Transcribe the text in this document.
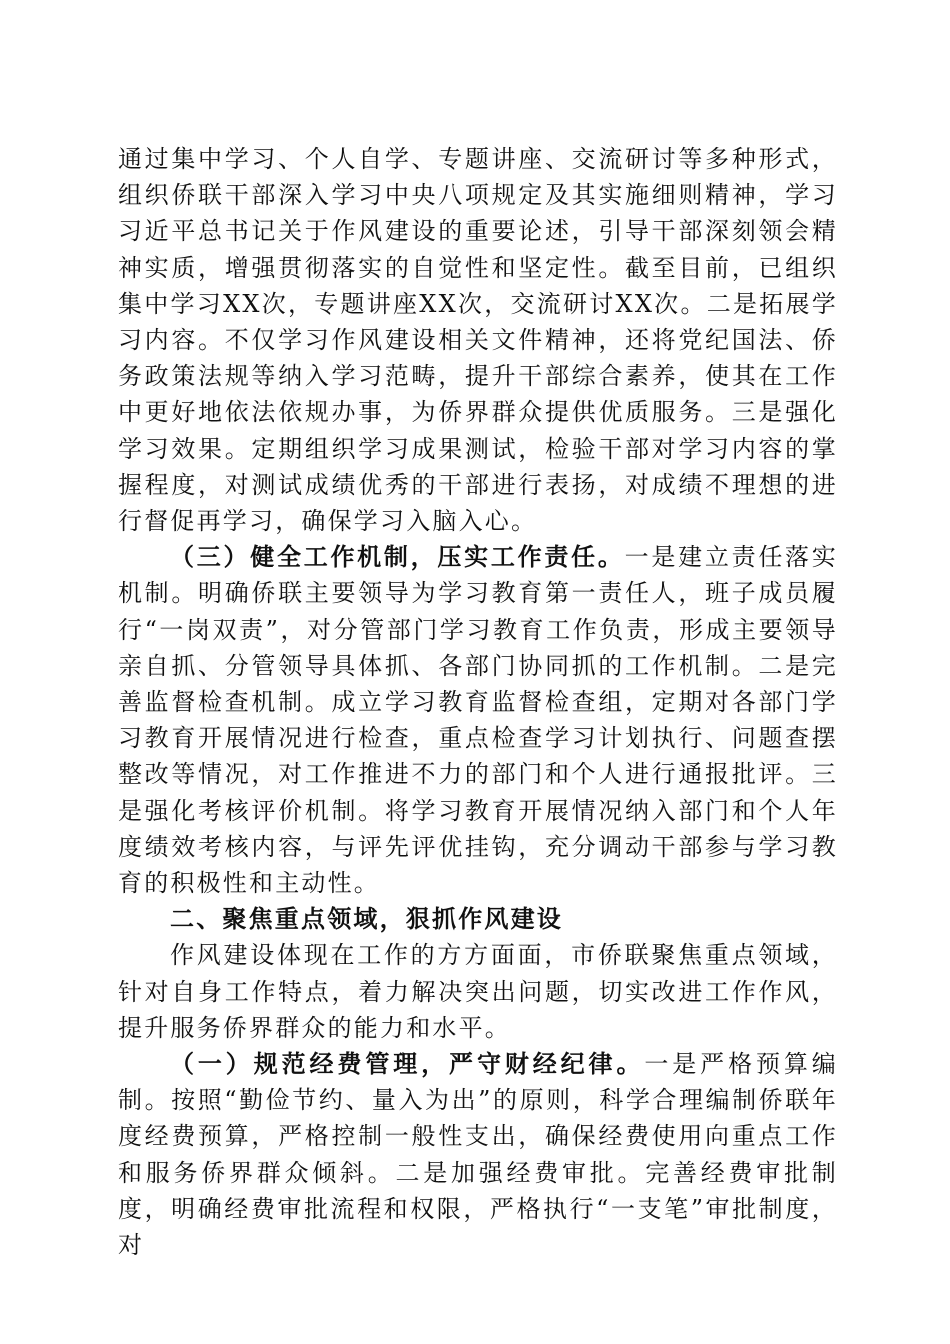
通过集中学习、个人自学、专题讲座、交流研讨等多种形式，组织侨联干部深入学习中央八项规定及其实施细则精神，学习习近平总书记关于作风建设的重要论述，引导干部深刻领会精神实质，增强贯彻落实的自觉性和坚定性。截至目前，已组织集中学习XX次，专题讲座XX次，交流研讨XX次。二是拓展学习内容。不仅学习作风建设相关文件精神，还将党纪国法、侨务政策法规等纳入学习范畴，提升干部综合素养，使其在工作中更好地依法依规办事，为侨界群众提供优质服务。三是强化学习效果。定期组织学习成果测试，检验干部对学习内容的掌握程度，对测试成绩优秀的干部进行表扬，对成绩不理想的进行督促再学习，确保学习入脑入心。

（三）健全工作机制，压实工作责任。一是建立责任落实机制。明确侨联主要领导为学习教育第一责任人，班子成员履行“一岗双责”，对分管部门学习教育工作负责，形成主要领导亲自抓、分管领导具体抓、各部门协同抓的工作机制。二是完善监督检查机制。成立学习教育监督检查组，定期对各部门学习教育开展情况进行检查，重点检查学习计划执行、问题查摆整改等情况，对工作推进不力的部门和个人进行通报批评。三是强化考核评价机制。将学习教育开展情况纳入部门和个人年度绩效考核内容，与评先评优挂钩，充分调动干部参与学习教育的积极性和主动性。

二、聚焦重点领域，狠抓作风建设

作风建设体现在工作的方方面面，市侨联聚焦重点领域，针对自身工作特点，着力解决突出问题，切实改进工作作风，提升服务侨界群众的能力和水平。

（一）规范经费管理，严守财经纪律。一是严格预算编制。按照“勤俭节约、量入为出”的原则，科学合理编制侨联年度经费预算，严格控制一般性支出，确保经费使用向重点工作和服务侨界群众倾斜。二是加强经费审批。完善经费审批制度，明确经费审批流程和权限，严格执行“一支笔”审批制度，对
